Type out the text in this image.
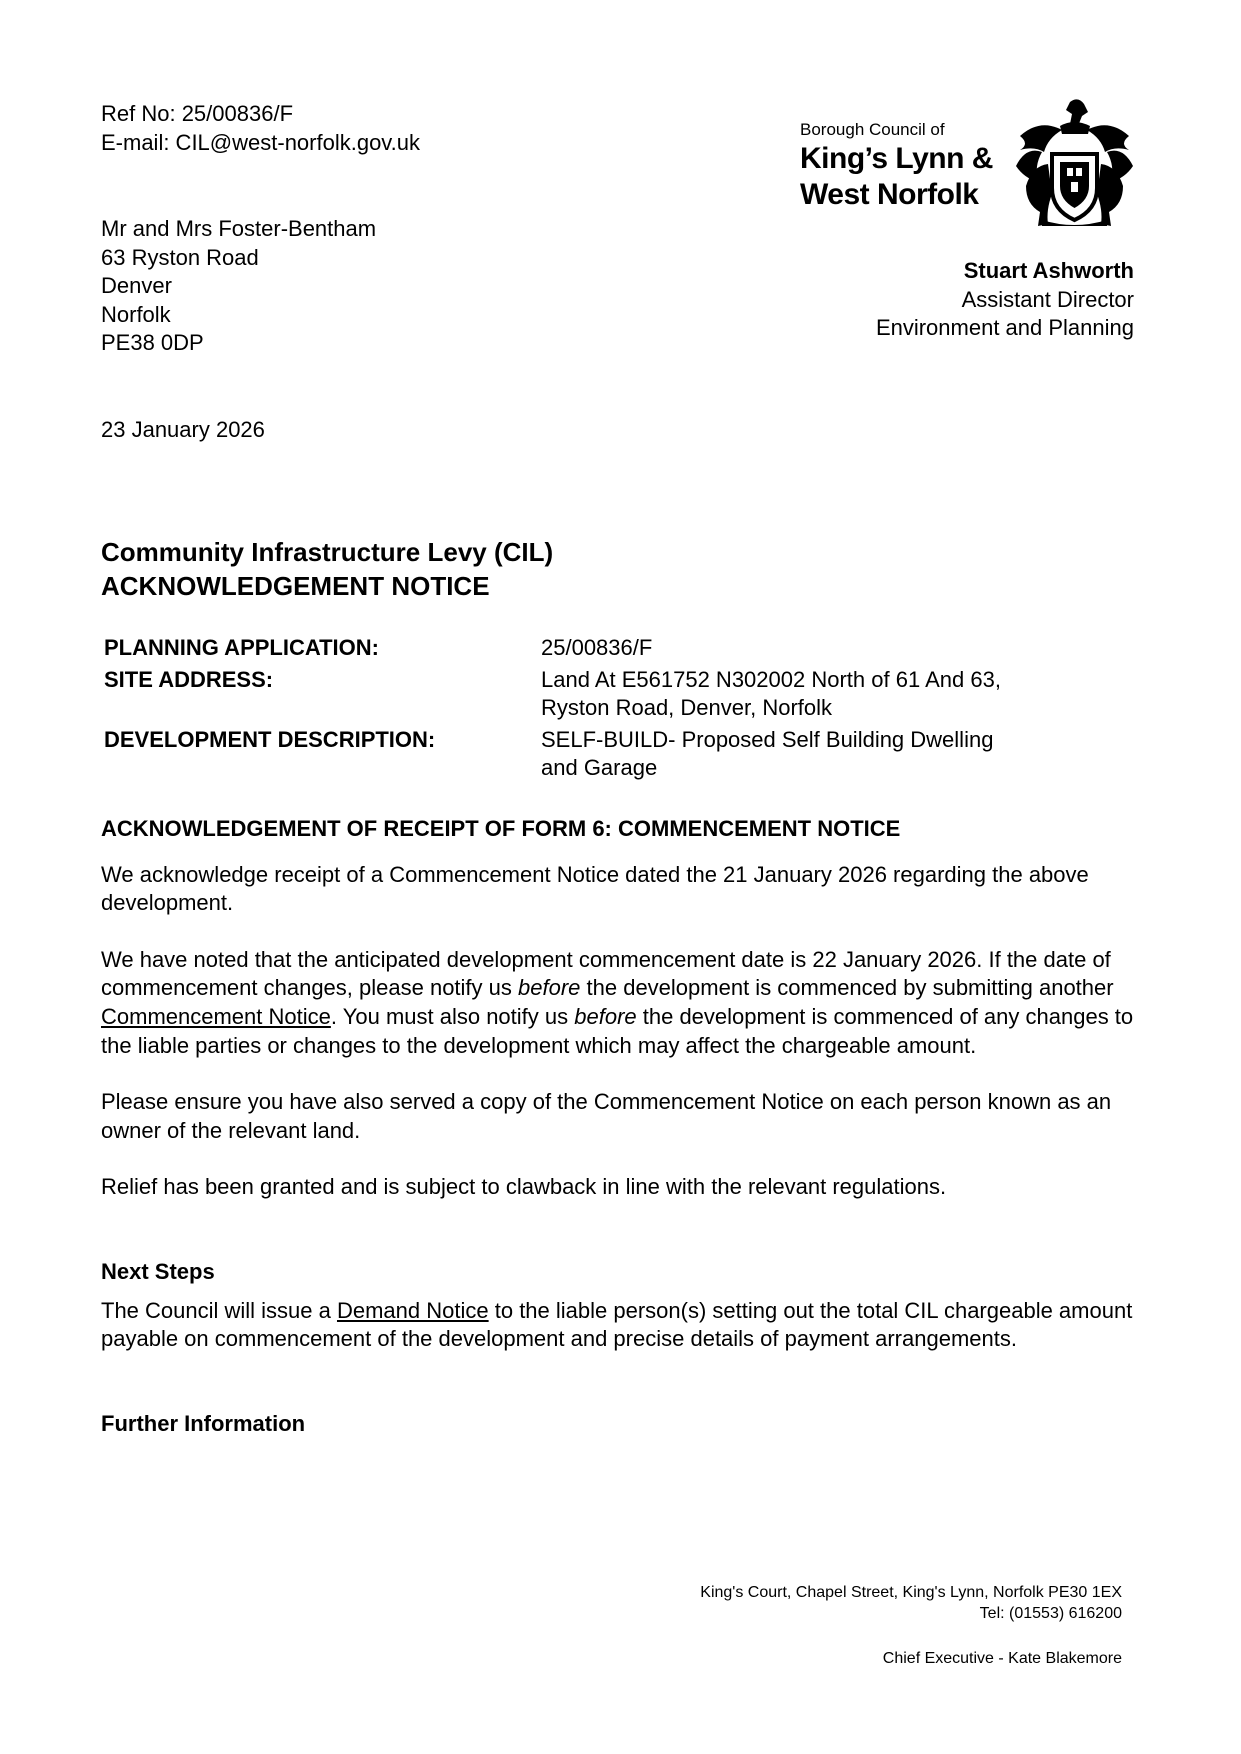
Ref No: 25/00836/F
E-mail: CIL@west-norfolk.gov.uk
Mr and Mrs Foster-Bentham
63 Ryston Road
Denver
Norfolk
PE38 0DP
Borough Council of
King’s Lynn &
West Norfolk
Stuart Ashworth
Assistant Director
Environment and Planning
23 January 2026
Community Infrastructure Levy (CIL)
ACKNOWLEDGEMENT NOTICE
PLANNING APPLICATION:	25/00836/F
SITE ADDRESS:	Land At E561752 N302002 North of 61 And 63,
Ryston Road, Denver, Norfolk
DEVELOPMENT DESCRIPTION:	SELF-BUILD- Proposed Self Building Dwelling
and Garage
ACKNOWLEDGEMENT OF RECEIPT OF FORM 6: COMMENCEMENT NOTICE

We acknowledge receipt of a Commencement Notice dated the 21 January 2026 regarding the above development.

We have noted that the anticipated development commencement date is 22 January 2026. If the date of commencement changes, please notify us before the development is commenced by submitting another Commencement Notice. You must also notify us before the development is commenced of any changes to the liable parties or changes to the development which may affect the chargeable amount.

Please ensure you have also served a copy of the Commencement Notice on each person known as an owner of the relevant land.

Relief has been granted and is subject to clawback in line with the relevant regulations.

Next Steps

The Council will issue a Demand Notice to the liable person(s) setting out the total CIL chargeable amount payable on commencement of the development and precise details of payment arrangements.

Further Information
King's Court, Chapel Street, King's Lynn, Norfolk PE30 1EX
Tel: (01553) 616200
Chief Executive - Kate Blakemore
